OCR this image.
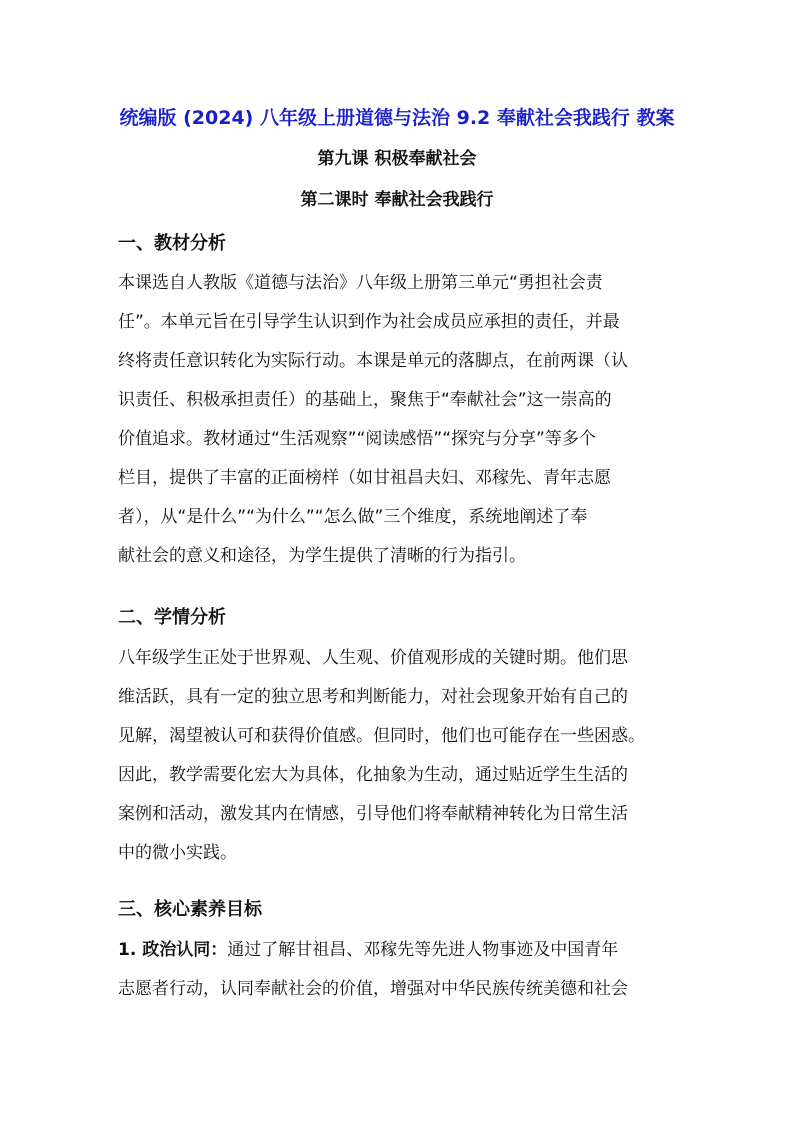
统编版 (2024) 八年级上册道德与法治 9.2 奉献社会我践行 教案
第九课 积极奉献社会
第二课时 奉献社会我践行
一、教材分析
本课选自人教版《道德与法治》八年级上册第三单元“勇担社会责
任”。本单元旨在引导学生认识到作为社会成员应承担的责任，并最
终将责任意识转化为实际行动。本课是单元的落脚点，在前两课（认
识责任、积极承担责任）的基础上，聚焦于“奉献社会”这一崇高的
价值追求。教材通过“生活观察”“阅读感悟”“探究与分享”等多个
栏目，提供了丰富的正面榜样（如甘祖昌夫妇、邓稼先、青年志愿
者），从“是什么”“为什么”“怎么做”三个维度，系统地阐述了奉
献社会的意义和途径，为学生提供了清晰的行为指引。
二、学情分析
八年级学生正处于世界观、人生观、价值观形成的关键时期。他们思
维活跃，具有一定的独立思考和判断能力，对社会现象开始有自己的
见解，渴望被认可和获得价值感。但同时，他们也可能存在一些困惑。
因此，教学需要化宏大为具体，化抽象为生动，通过贴近学生生活的
案例和活动，激发其内在情感，引导他们将奉献精神转化为日常生活
中的微小实践。
三、核心素养目标
1. 政治认同：通过了解甘祖昌、邓稼先等先进人物事迹及中国青年
志愿者行动，认同奉献社会的价值，增强对中华民族传统美德和社会
